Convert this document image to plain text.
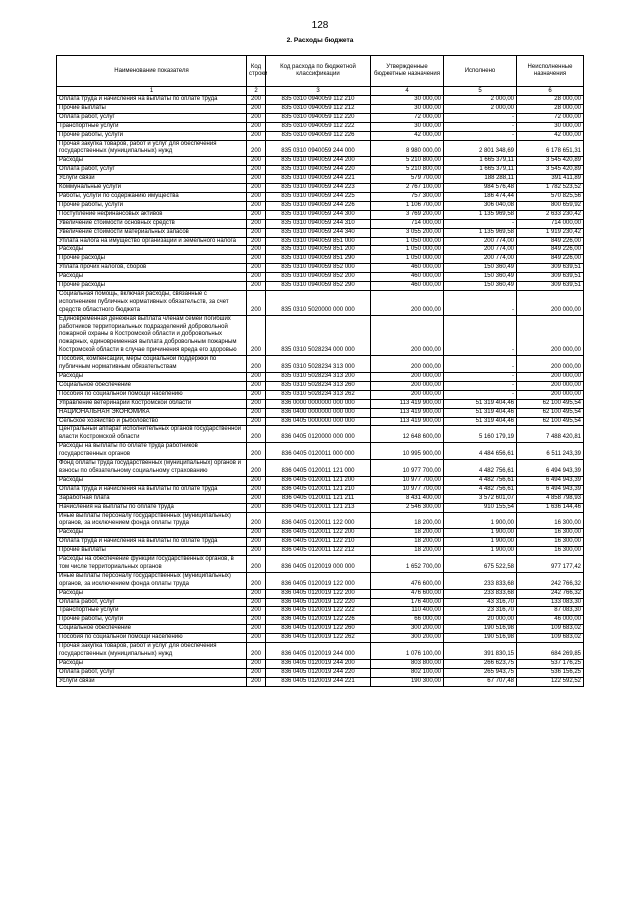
128
2. Расходы бюджета
Наименование показателя	Код строки	Код расхода по бюджетной классификации	Утвержденные бюджетные назначения	Исполнено	Неисполненные назначения
1	2	3	4	5	6
Оплата труда и начисления на выплаты по оплате труда	200	835 0310 0940059 112 210	30 000,00	2 000,00	28 000,00
Прочие выплаты	200	835 0310 0940059 112 212	30 000,00	2 000,00	28 000,00
Оплата работ, услуг	200	835 0310 0940059 112 220	72 000,00	-	72 000,00
Транспортные услуги	200	835 0310 0940059 112 222	30 000,00	-	30 000,00
Прочие работы, услуги	200	835 0310 0940059 112 226	42 000,00	-	42 000,00
Прочая закупка товаров, работ и услуг для обеспечения государственных (муниципальных) нужд	200	835 0310 0940059 244 000	8 980 000,00	2 801 348,69	6 178 651,31
Расходы	200	835 0310 0940059 244 200	5 210 800,00	1 665 379,11	3 545 420,89
Оплата работ, услуг	200	835 0310 0940059 244 220	5 210 800,00	1 665 379,11	3 545 420,89
Услуги связи	200	835 0310 0940059 244 221	579 700,00	188 288,11	391 411,89
Коммунальные услуги	200	835 0310 0940059 244 223	2 767 100,00	984 576,48	1 782 523,52
Работы, услуги по содержанию имущества	200	835 0310 0940059 244 225	757 300,00	186 474,44	570 825,56
Прочие работы, услуги	200	835 0310 0940059 244 226	1 106 700,00	306 040,08	800 659,92
Поступление нефинансовых активов	200	835 0310 0940059 244 300	3 769 200,00	1 135 969,58	2 633 230,42
Увеличение стоимости основных средств	200	835 0310 0940059 244 310	714 000,00	-	714 000,00
Увеличение стоимости материальных запасов	200	835 0310 0940059 244 340	3 055 200,00	1 135 969,58	1 919 230,42
Уплата налога на имущество организаций и земельного налога	200	835 0310 0940059 851 000	1 050 000,00	200 774,00	849 226,00
Расходы	200	835 0310 0940059 851 200	1 050 000,00	200 774,00	849 226,00
Прочие расходы	200	835 0310 0940059 851 290	1 050 000,00	200 774,00	849 226,00
Уплата прочих налогов, сборов	200	835 0310 0940059 852 000	460 000,00	150 360,49	309 639,51
Расходы	200	835 0310 0940059 852 200	460 000,00	150 360,49	309 639,51
Прочие расходы	200	835 0310 0940059 852 290	460 000,00	150 360,49	309 639,51
Социальная помощь, включая расходы, связанные с исполнением публичных нормативных обязательств, за счет средств областного бюджета	200	835 0310 5020000 000 000	200 000,00	-	200 000,00
Единовременная денежная выплата членам семей погибших работников территориальных подразделений добровольной пожарной охраны в Костромской области и добровольных пожарных, единовременная выплата добровольным пожарным Костромской области в случае причинения вреда его здоровью	200	835 0310 5028234 000 000	200 000,00	-	200 000,00
Пособия, компенсации, меры социальной поддержки по публичным нормативным обязательствам	200	835 0310 5028234 313 000	200 000,00	-	200 000,00
Расходы	200	835 0310 5028234 313 200	200 000,00	-	200 000,00
Социальное обеспечение	200	835 0310 5028234 313 260	200 000,00	-	200 000,00
Пособия по социальной помощи населению	200	835 0310 5028234 313 262	200 000,00	-	200 000,00
Управление ветеринарии Костромской области	200	836 0000 0000000 000 000	113 419 900,00	51 319 404,46	62 100 495,54
НАЦИОНАЛЬНАЯ ЭКОНОМИКА	200	836 0400 0000000 000 000	113 419 900,00	51 319 404,46	62 100 495,54
Сельское хозяйство и рыболовство	200	836 0405 0000000 000 000	113 419 900,00	51 319 404,46	62 100 495,54
Центральный аппарат исполнительных органов государственной власти Костромской области	200	836 0405 0120000 000 000	12 648 600,00	5 160 179,19	7 488 420,81
Расходы на выплаты по оплате труда работников государственных органов	200	836 0405 0120011 000 000	10 995 900,00	4 484 656,61	6 511 243,39
Фонд оплаты труда государственных (муниципальных) органов и взносы по обязательному социальному страхованию	200	836 0405 0120011 121 000	10 977 700,00	4 482 756,61	6 494 943,39
Расходы	200	836 0405 0120011 121 200	10 977 700,00	4 482 756,61	6 494 943,39
Оплата труда и начисления на выплаты по оплате труда	200	836 0405 0120011 121 210	10 977 700,00	4 482 756,61	6 494 943,39
Заработная плата	200	836 0405 0120011 121 211	8 431 400,00	3 572 601,07	4 858 798,93
Начисления на выплаты по оплате труда	200	836 0405 0120011 121 213	2 546 300,00	910 155,54	1 636 144,46
Иные выплаты персоналу государственных (муниципальных) органов, за исключением фонда оплаты труда	200	836 0405 0120011 122 000	18 200,00	1 900,00	16 300,00
Расходы	200	836 0405 0120011 122 200	18 200,00	1 900,00	16 300,00
Оплата труда и начисления на выплаты по оплате труда	200	836 0405 0120011 122 210	18 200,00	1 900,00	16 300,00
Прочие выплаты	200	836 0405 0120011 122 212	18 200,00	1 900,00	16 300,00
Расходы на обеспечение функций государственных органов, в том числе территориальных органов	200	836 0405 0120019 000 000	1 652 700,00	675 522,58	977 177,42
Иные выплаты персоналу государственных (муниципальных) органов, за исключением фонда оплаты труда	200	836 0405 0120019 122 000	476 600,00	233 833,68	242 766,32
Расходы	200	836 0405 0120019 122 200	476 600,00	233 833,68	242 766,32
Оплата работ, услуг	200	836 0405 0120019 122 220	176 400,00	43 316,70	133 083,30
Транспортные услуги	200	836 0405 0120019 122 222	110 400,00	23 316,70	87 083,30
Прочие работы, услуги	200	836 0405 0120019 122 226	66 000,00	20 000,00	46 000,00
Социальное обеспечение	200	836 0405 0120019 122 260	300 200,00	190 516,98	109 683,02
Пособия по социальной помощи населению	200	836 0405 0120019 122 262	300 200,00	190 516,98	109 683,02
Прочая закупка товаров, работ и услуг для обеспечения государственных (муниципальных) нужд	200	836 0405 0120019 244 000	1 076 100,00	391 830,15	684 269,85
Расходы	200	836 0405 0120019 244 200	803 800,00	266 623,75	537 176,25
Оплата работ, услуг	200	836 0405 0120019 244 220	802 100,00	265 943,75	536 156,25
Услуги связи	200	836 0405 0120019 244 221	190 300,00	67 707,48	122 592,52
